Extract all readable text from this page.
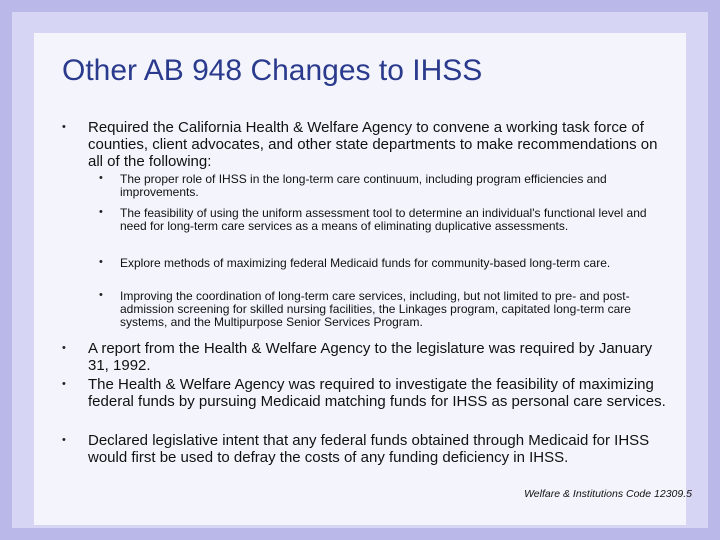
Other AB 948 Changes to IHSS
• Required the California Health & Welfare Agency to convene a working task force of counties, client advocates, and other state departments to make recommendations on all of the following:
• The proper role of IHSS in the long-term care continuum, including program efficiencies and improvements.
• The feasibility of using the uniform assessment tool to determine an individual's functional level and need for long-term care services as a means of eliminating duplicative assessments.
• Explore methods of maximizing federal Medicaid funds for community-based long-term care.
• Improving the coordination of long-term care services, including, but not limited to pre- and post-admission screening for skilled nursing facilities, the Linkages program, capitated long-term care systems, and the Multipurpose Senior Services Program.
• A report from the Health & Welfare Agency to the legislature was required by January 31, 1992.
• The Health & Welfare Agency was required to investigate the feasibility of maximizing federal funds by pursuing Medicaid matching funds for IHSS as personal care services.
• Declared legislative intent that any federal funds obtained through Medicaid for IHSS would first be used to defray the costs of any funding deficiency in IHSS.
Welfare & Institutions Code 12309.5
